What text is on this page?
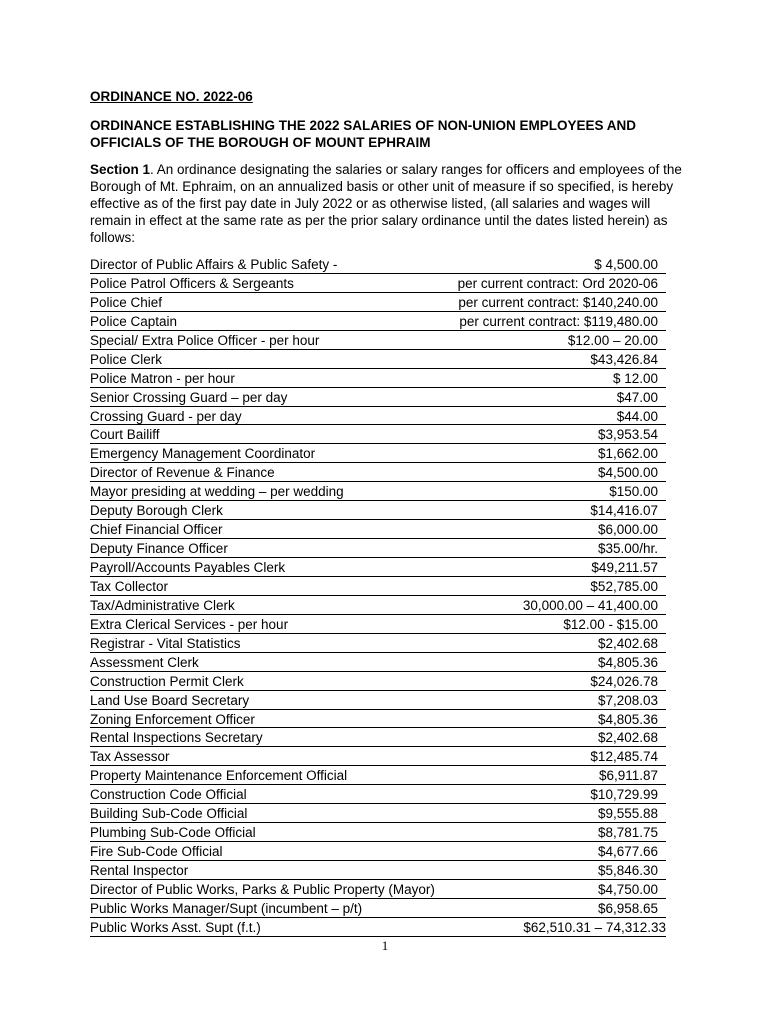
ORDINANCE NO. 2022-06
ORDINANCE ESTABLISHING THE 2022 SALARIES OF NON-UNION EMPLOYEES AND OFFICIALS OF THE BOROUGH OF MOUNT EPHRAIM
Section 1. An ordinance designating the salaries or salary ranges for officers and employees of the Borough of Mt. Ephraim, on an annualized basis or other unit of measure if so specified, is hereby effective as of the first pay date in July 2022 or as otherwise listed, (all salaries and wages will remain in effect at the same rate as per the prior salary ordinance until the dates listed herein) as follows:
Director of Public Affairs & Public Safety -	$ 4,500.00
Police Patrol Officers & Sergeants	per current contract: Ord 2020-06
Police Chief	per current contract: $140,240.00
Police Captain	per current contract: $119,480.00
Special/ Extra Police Officer - per hour	$12.00 – 20.00
Police Clerk	$43,426.84
Police Matron - per hour	$ 12.00
Senior Crossing Guard – per day	$47.00
Crossing Guard - per day	$44.00
Court Bailiff	$3,953.54
Emergency Management Coordinator	$1,662.00
Director of Revenue & Finance	$4,500.00
Mayor presiding at wedding – per wedding	$150.00
Deputy Borough Clerk	$14,416.07
Chief Financial Officer	$6,000.00
Deputy Finance Officer	$35.00/hr.
Payroll/Accounts Payables Clerk	$49,211.57
Tax Collector	$52,785.00
Tax/Administrative Clerk	30,000.00 – 41,400.00
Extra Clerical Services - per hour	$12.00 - $15.00
Registrar - Vital Statistics	$2,402.68
Assessment Clerk	$4,805.36
Construction Permit Clerk	$24,026.78
Land Use Board Secretary	$7,208.03
Zoning Enforcement Officer	$4,805.36
Rental Inspections Secretary	$2,402.68
Tax Assessor	$12,485.74
Property Maintenance Enforcement Official	$6,911.87
Construction Code Official	$10,729.99
Building Sub-Code Official	$9,555.88
Plumbing Sub-Code Official	$8,781.75
Fire Sub-Code Official	$4,677.66
Rental Inspector	$5,846.30
Director of Public Works, Parks & Public Property (Mayor)	$4,750.00
Public Works Manager/Supt (incumbent – p/t)	$6,958.65
Public Works Asst. Supt (f.t.)	$62,510.31 – 74,312.33
1
